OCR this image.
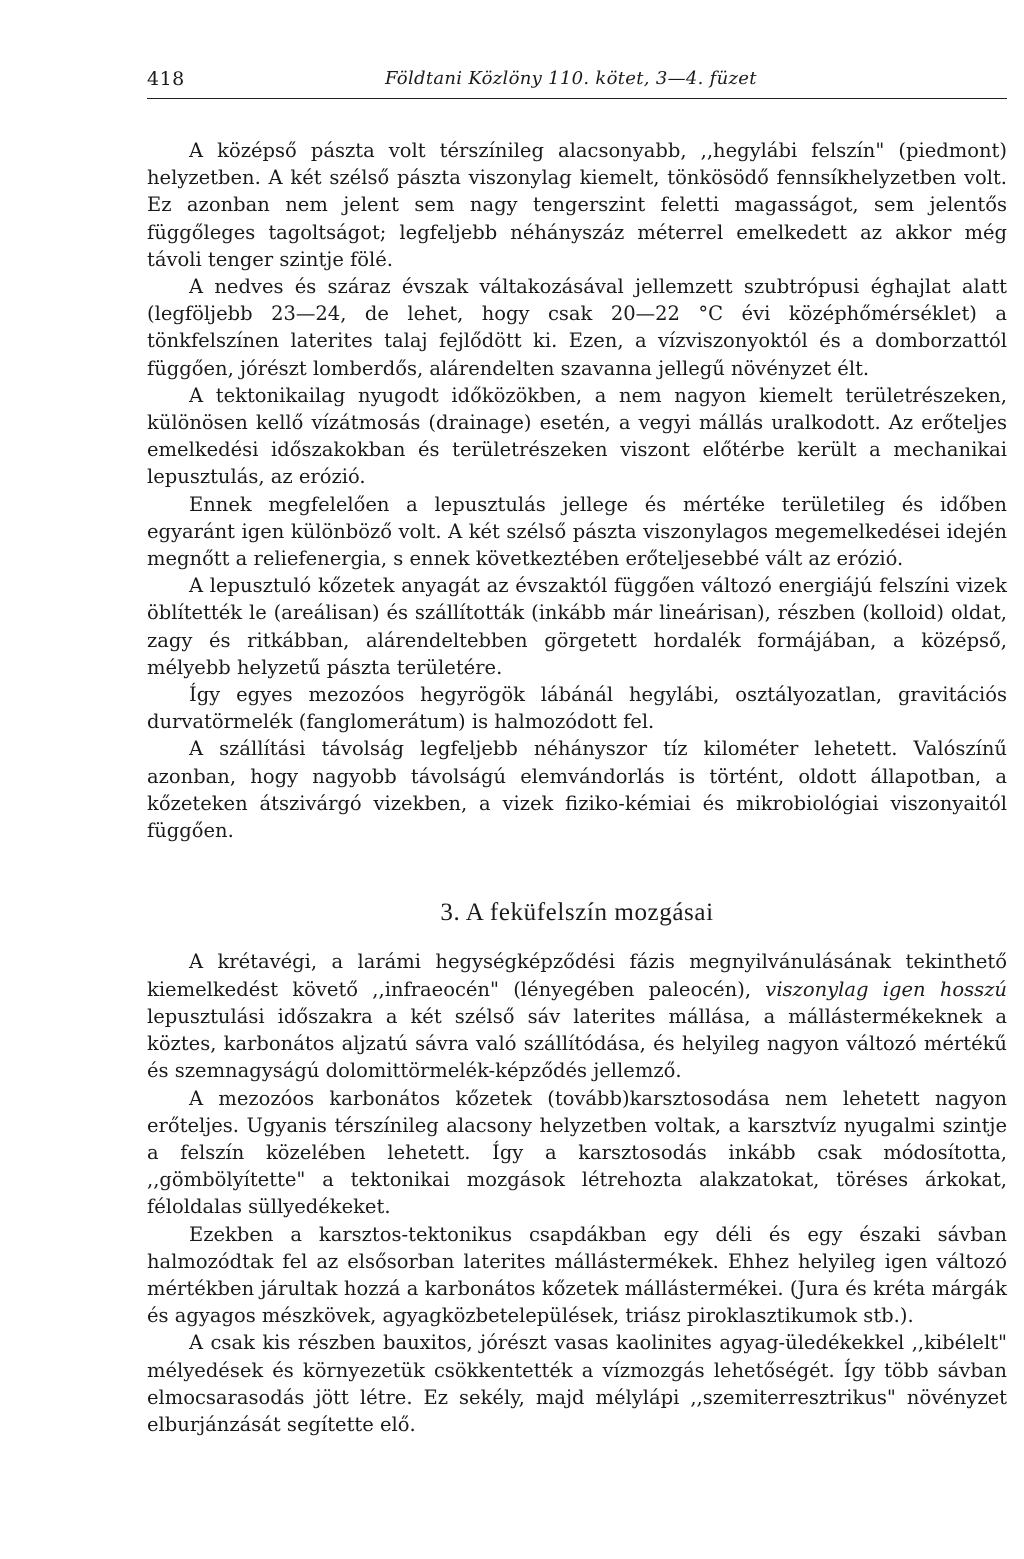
418	Földtani Közlöny 110. kötet, 3—4. füzet

A középső pászta volt térszínileg alacsonyabb, ,,hegylábi felszín" (piedmont) helyzetben. A két szélső pászta viszonylag kiemelt, tönkösödő fennsíkhelyzetben volt. Ez azonban nem jelent sem nagy tengerszint feletti magasságot, sem jelentős függőleges tagoltságot; legfeljebb néhányszáz méterrel emelkedett az akkor még távoli tenger szintje fölé.

A nedves és száraz évszak váltakozásával jellemzett szubtrópusi éghajlat alatt (legföljebb 23—24, de lehet, hogy csak 20—22 °C évi középhőmérséklet) a tönkfelszínen laterites talaj fejlődött ki. Ezen, a vízviszonyoktól és a domborzattól függően, jórészt lomberdős, alárendelten szavanna jellegű növényzet élt.

A tektonikailag nyugodt időközökben, a nem nagyon kiemelt területrészeken, különösen kellő vízátmosás (drainage) esetén, a vegyi mállás uralkodott. Az erőteljes emelkedési időszakokban és területrészeken viszont előtérbe került a mechanikai lepusztulás, az erózió.

Ennek megfelelően a lepusztulás jellege és mértéke területileg és időben egyaránt igen különböző volt. A két szélső pászta viszonylagos megemelkedései idején megnőtt a reliefenergia, s ennek következtében erőteljesebbé vált az erózió.

A lepusztuló kőzetek anyagát az évszaktól függően változó energiájú felszíni vizek öblítették le (areálisan) és szállították (inkább már lineárisan), részben (kolloid) oldat, zagy és ritkábban, alárendeltebben görgetett hordalék formájában, a középső, mélyebb helyzetű pászta területére.

Így egyes mezozóos hegyrögök lábánál hegylábi, osztályozatlan, gravitációs durvatörmelék (fanglomerátum) is halmozódott fel.

A szállítási távolság legfeljebb néhányszor tíz kilométer lehetett. Valószínű azonban, hogy nagyobb távolságú elemvándorlás is történt, oldott állapotban, a kőzeteken átszivárgó vizekben, a vizek fiziko-kémiai és mikrobiológiai viszonyaitól függően.

3. A feküfelszín mozgásai

A krétavégi, a larámi hegységképződési fázis megnyilvánulásának tekinthető kiemelkedést követő ,,infraeocén" (lényegében paleocén), viszonylag igen hosszú lepusztulási időszakra a két szélső sáv laterites mállása, a mállástermékeknek a köztes, karbonátos aljzatú sávra való szállítódása, és helyileg nagyon változó mértékű és szemnagyságú dolomittörmelék-képződés jellemző.

A mezozóos karbonátos kőzetek (tovább)karsztosodása nem lehetett nagyon erőteljes. Ugyanis térszínileg alacsony helyzetben voltak, a karsztvíz nyugalmi szintje a felszín közelében lehetett. Így a karsztosodás inkább csak módosította, ,,gömbölyítette" a tektonikai mozgások létrehozta alakzatokat, töréses árkokat, féloldalas süllyedékeket.

Ezekben a karsztos-tektonikus csapdákban egy déli és egy északi sávban halmozódtak fel az elsősorban laterites mállástermékek. Ehhez helyileg igen változó mértékben járultak hozzá a karbonátos kőzetek mállástermékei. (Jura és kréta márgák és agyagos mészkövek, agyagközbetelepülések, triász piroklasztikumok stb.).

A csak kis részben bauxitos, jórészt vasas kaolinites agyag-üledékekkel ,,kibélelt" mélyedések és környezetük csökkentették a vízmozgás lehetőségét. Így több sávban elmocsarasodás jött létre. Ez sekély, majd mélylápi ,,szemiterresztrikus" növényzet elburjánzását segítette elő.
